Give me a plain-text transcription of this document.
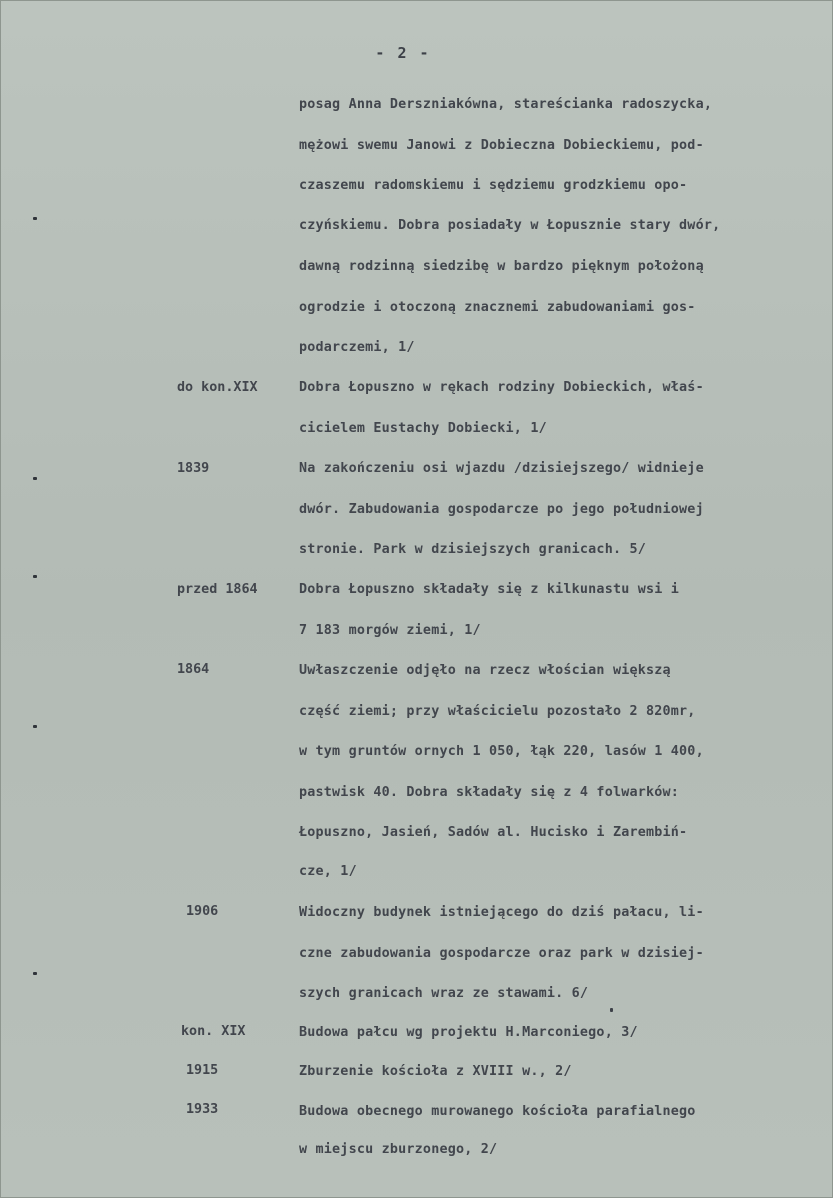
- 2 -
posag Anna Derszniakówna, stareścianka radoszycka,
mężowi swemu Janowi z Dobieczna Dobieckiemu, pod-
czaszemu radomskiemu i sędziemu grodzkiemu opo-
czyńskiemu. Dobra posiadały w Łopusznie stary dwór,
dawną rodzinną siedzibę w bardzo pięknym położoną
ogrodzie i otoczoną znacznemi zabudowaniami gos-
podarczemi, 1/
do kon.XIX	Dobra Łopuszno w rękach rodziny Dobieckich, właś-
cicielem Eustachy Dobiecki, 1/
1839	Na zakończeniu osi wjazdu /dzisiejszego/ widnieje
dwór. Zabudowania gospodarcze po jego południowej
stronie. Park w dzisiejszych granicach. 5/
przed 1864	Dobra Łopuszno składały się z kilkunastu wsi i
7 183 morgów ziemi, 1/
1864	Uwłaszczenie odjęło na rzecz włościan większą
część ziemi; przy właścicielu pozostało 2 820mr,
w tym gruntów ornych 1 050, łąk 220, lasów 1 400,
pastwisk 40. Dobra składały się z 4 folwarków:
Łopuszno, Jasień, Sadów al. Hucisko i Zarembiń-
cze, 1/
1906	Widoczny budynek istniejącego do dziś pałacu, li-
czne zabudowania gospodarcze oraz park w dzisiej-
szych granicach wraz ze stawami. 6/
kon. XIX	Budowa pałcu wg projektu H.Marconiego, 3/
1915	Zburzenie kościoła z XVIII w., 2/
1933	Budowa obecnego murowanego kościoła parafialnego
w miejscu zburzonego, 2/
